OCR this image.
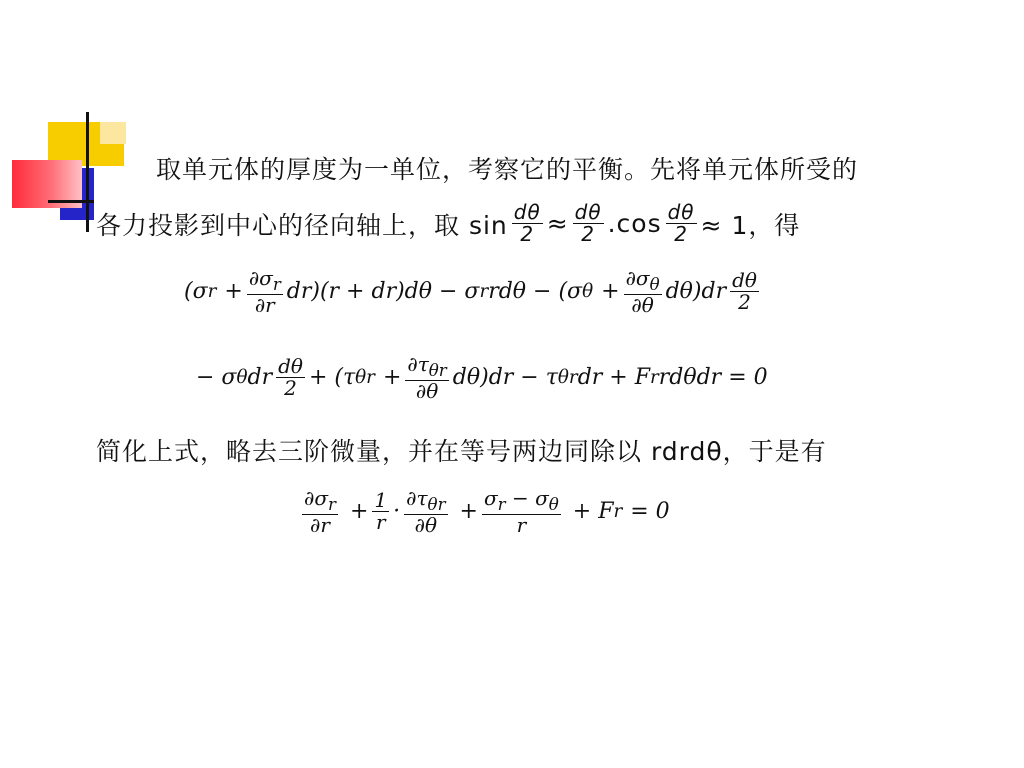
取单元体的厚度为一单位，考察它的平衡。先将单元体所受的
各力投影到中心的径向轴上，取 $\sin \frac{d\theta}{2} \approx \frac{d\theta}{2} .\cos \frac{d\theta}{2} \approx 1$，得
(σ $r + \frac{\partial\sigma_r}{\partial r} dr)(r + dr)d\theta - \sigma$ r rdθ − (σ $\theta + \frac{\partial\sigma_\theta}{\partial\theta} d\theta)dr \frac{d\theta}{2}$
− σ θ dr $\frac{d\theta}{2} + (\tau$ $\theta r + \frac{\partial\tau_{\theta r}}{\partial\theta} d\theta)dr - \tau$ θr dr + F r rdθdr = 0
简化上式，略去三阶微量，并在等号两边同除以 rdrdθ，于是有
$\frac{\partial\sigma_r}{\partial r} + \frac{1}{r} \cdot \frac{\partial\tau_{\theta r}}{\partial\theta} + \frac{\sigma_r - \sigma_\theta}{r} + F$ r = 0
